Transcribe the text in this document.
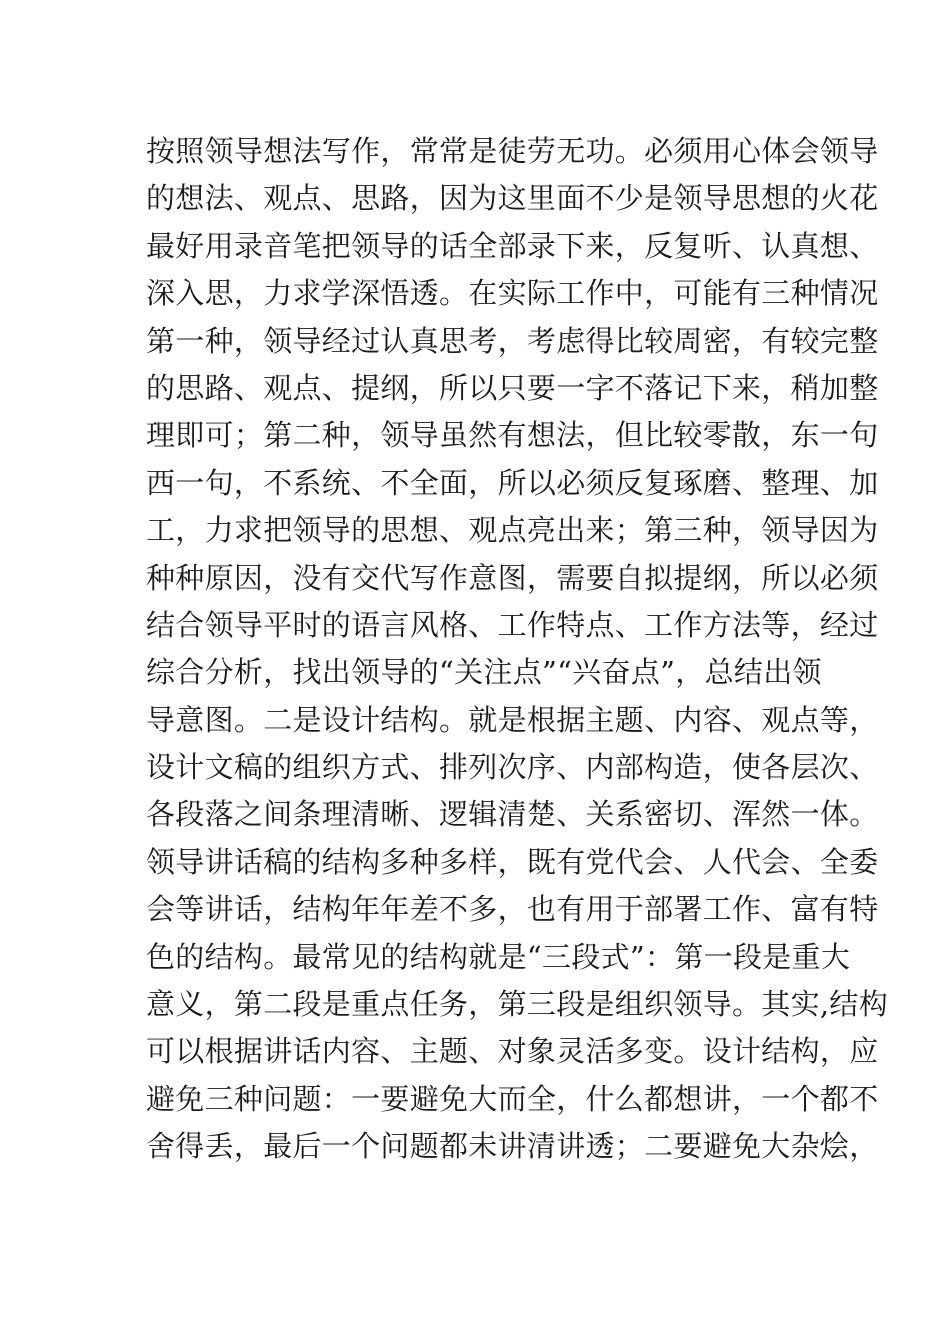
按照领导想法写作，常常是徒劳无功。必须用心体会领导
的想法、观点、思路，因为这里面不少是领导思想的火花
最好用录音笔把领导的话全部录下来，反复听、认真想、
深入思，力求学深悟透。在实际工作中，可能有三种情况
第一种，领导经过认真思考，考虑得比较周密，有较完整
的思路、观点、提纲，所以只要一字不落记下来，稍加整
理即可；第二种，领导虽然有想法，但比较零散，东一句
西一句，不系统、不全面，所以必须反复琢磨、整理、加
工，力求把领导的思想、观点亮出来；第三种，领导因为
种种原因，没有交代写作意图，需要自拟提纲，所以必须
结合领导平时的语言风格、工作特点、工作方法等，经过
综合分析，找出领导的“关注点”“兴奋点”，总结出领
导意图。二是设计结构。就是根据主题、内容、观点等，
设计文稿的组织方式、排列次序、内部构造，使各层次、
各段落之间条理清晰、逻辑清楚、关系密切、浑然一体。
领导讲话稿的结构多种多样，既有党代会、人代会、全委
会等讲话，结构年年差不多，也有用于部署工作、富有特
色的结构。最常见的结构就是“三段式”：第一段是重大
意义，第二段是重点任务，第三段是组织领导。其实,结构
可以根据讲话内容、主题、对象灵活多变。设计结构，应
避免三种问题：一要避免大而全，什么都想讲，一个都不
舍得丢，最后一个问题都未讲清讲透；二要避免大杂烩，
